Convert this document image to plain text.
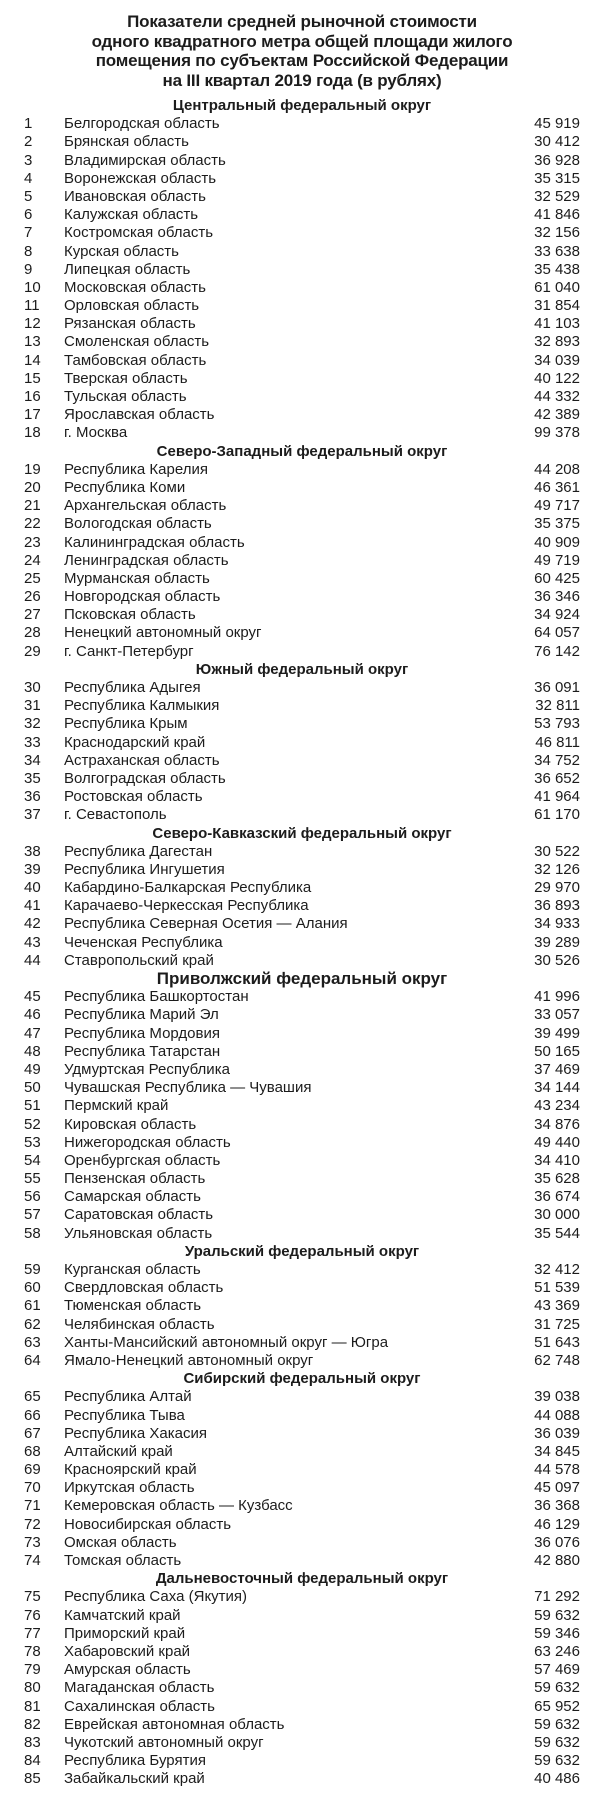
Показатели средней рыночной стоимости
одного квадратного метра общей площади жилого
помещения по субъектам Российской Федерации
на III квартал 2019 года (в рублях)
Центральный федеральный округ
1	Белгородская область	45 919
2	Брянская область	30 412
3	Владимирская область	36 928
4	Воронежская область	35 315
5	Ивановская область	32 529
6	Калужская область	41 846
7	Костромская область	32 156
8	Курская область	33 638
9	Липецкая область	35 438
10	Московская область	61 040
11	Орловская область	31 854
12	Рязанская область	41 103
13	Смоленская область	32 893
14	Тамбовская область	34 039
15	Тверская область	40 122
16	Тульская область	44 332
17	Ярославская область	42 389
18	г. Москва	99 378
Северо-Западный федеральный округ
19	Республика Карелия	44 208
20	Республика Коми	46 361
21	Архангельская область	49 717
22	Вологодская область	35 375
23	Калининградская область	40 909
24	Ленинградская область	49 719
25	Мурманская область	60 425
26	Новгородская область	36 346
27	Псковская область	34 924
28	Ненецкий автономный округ	64 057
29	г. Санкт-Петербург	76 142
Южный федеральный округ
30	Республика Адыгея	36 091
31	Республика Калмыкия	32 811
32	Республика Крым	53 793
33	Краснодарский край	46 811
34	Астраханская область	34 752
35	Волгоградская область	36 652
36	Ростовская область	41 964
37	г. Севастополь	61 170
Северо-Кавказский федеральный округ
38	Республика Дагестан	30 522
39	Республика Ингушетия	32 126
40	Кабардино-Балкарская Республика	29 970
41	Карачаево-Черкесская Республика	36 893
42	Республика Северная Осетия — Алания	34 933
43	Чеченская Республика	39 289
44	Ставропольский край	30 526
Приволжский федеральный округ
45	Республика Башкортостан	41 996
46	Республика Марий Эл	33 057
47	Республика Мордовия	39 499
48	Республика Татарстан	50 165
49	Удмуртская Республика	37 469
50	Чувашская Республика — Чувашия	34 144
51	Пермский край	43 234
52	Кировская область	34 876
53	Нижегородская область	49 440
54	Оренбургская область	34 410
55	Пензенская область	35 628
56	Самарская область	36 674
57	Саратовская область	30 000
58	Ульяновская область	35 544
Уральский федеральный округ
59	Курганская область	32 412
60	Свердловская область	51 539
61	Тюменская область	43 369
62	Челябинская область	31 725
63	Ханты-Мансийский автономный округ — Югра	51 643
64	Ямало-Ненецкий автономный округ	62 748
Сибирский федеральный округ
65	Республика Алтай	39 038
66	Республика Тыва	44 088
67	Республика Хакасия	36 039
68	Алтайский край	34 845
69	Красноярский край	44 578
70	Иркутская область	45 097
71	Кемеровская область — Кузбасс	36 368
72	Новосибирская область	46 129
73	Омская область	36 076
74	Томская область	42 880
Дальневосточный федеральный округ
75	Республика Саха (Якутия)	71 292
76	Камчатский край	59 632
77	Приморский край	59 346
78	Хабаровский край	63 246
79	Амурская область	57 469
80	Магаданская область	59 632
81	Сахалинская область	65 952
82	Еврейская автономная область	59 632
83	Чукотский автономный округ	59 632
84	Республика Бурятия	59 632
85	Забайкальский край	40 486
